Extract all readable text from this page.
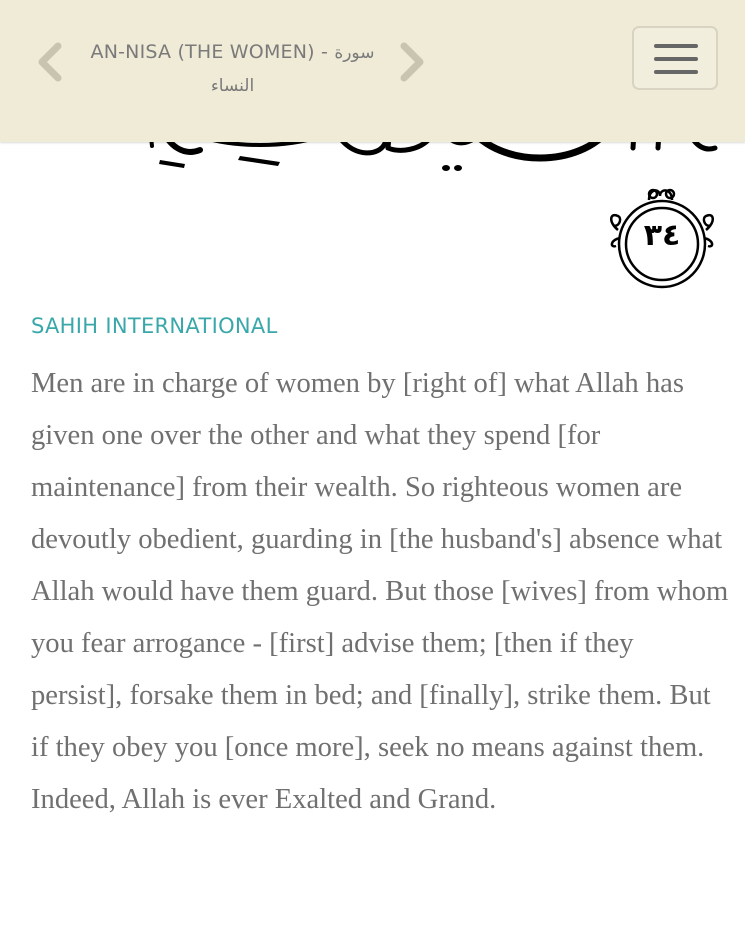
AN-NISA (THE WOMEN) - سورة
النساء
٣٤
SAHIH INTERNATIONAL
Men are in charge of women by [right of] what Allah has given one over the other and what they spend [for maintenance] from their wealth. So righteous women are devoutly obedient, guarding in [the husband's] absence what Allah would have them guard. But those [wives] from whom you fear arrogance - [first] advise them; [then if they persist], forsake them in bed; and [finally], strike them. But if they obey you [once more], seek no means against them. Indeed, Allah is ever Exalted and Grand.
